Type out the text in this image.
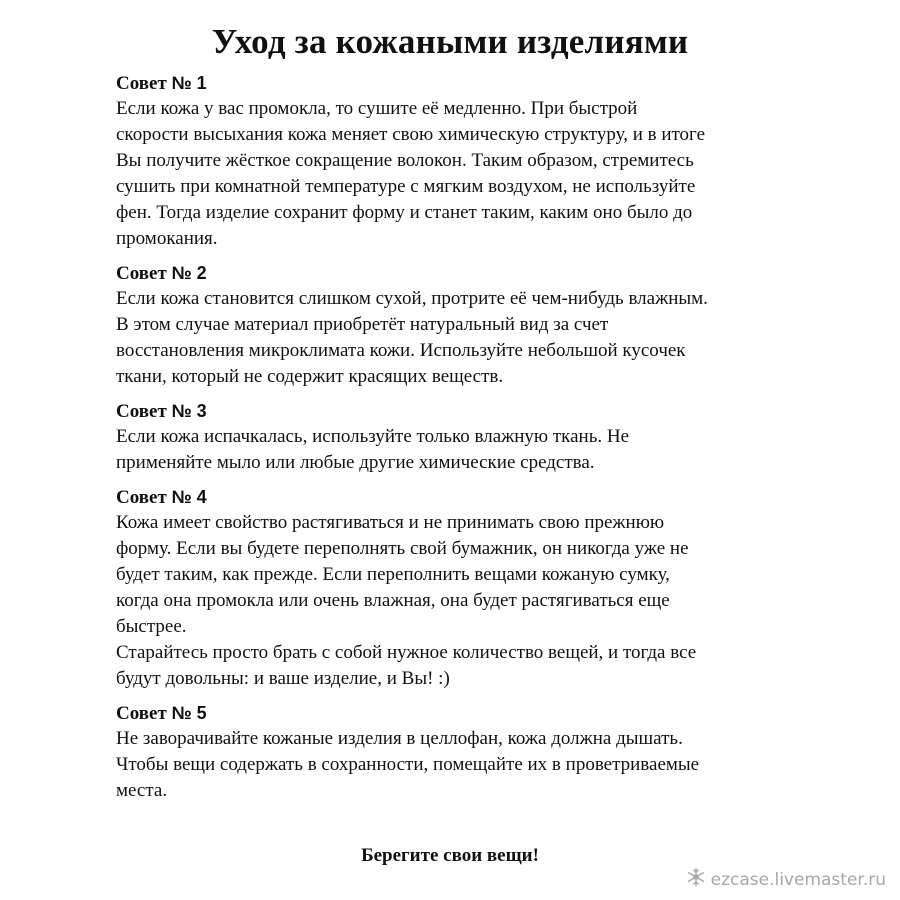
Уход за кожаными изделиями
Совет № 1

Если кожа у вас промокла, то сушите её медленно. При быстрой
скорости высыхания кожа меняет свою химическую структуру, и в итоге
Вы получите жёсткое сокращение волокон. Таким образом, стремитесь
сушить при комнатной температуре с мягким воздухом, не используйте
фен. Тогда изделие сохранит форму и станет таким, каким оно было до
промокания.

Совет № 2

Если кожа становится слишком сухой, протрите её чем-нибудь влажным.
В этом случае материал приобретёт натуральный вид за счет
восстановления микроклимата кожи. Используйте небольшой кусочек
ткани, который не содержит красящих веществ.

Совет № 3

Если кожа испачкалась, используйте только влажную ткань. Не
применяйте мыло или любые другие химические средства.

Совет № 4

Кожа имеет свойство растягиваться и не принимать свою прежнюю
форму. Если вы будете переполнять свой бумажник, он никогда уже не
будет таким, как прежде. Если переполнить вещами кожаную сумку,
когда она промокла или очень влажная, она будет растягиваться еще
быстрее.
Старайтесь просто брать с собой нужное количество вещей, и тогда все
будут довольны: и ваше изделие, и Вы! :)

Совет № 5

Не заворачивайте кожаные изделия в целлофан, кожа должна дышать.
Чтобы вещи содержать в сохранности, помещайте их в проветриваемые
места.

Берегите свои вещи!
ezcase.livemaster.ru
